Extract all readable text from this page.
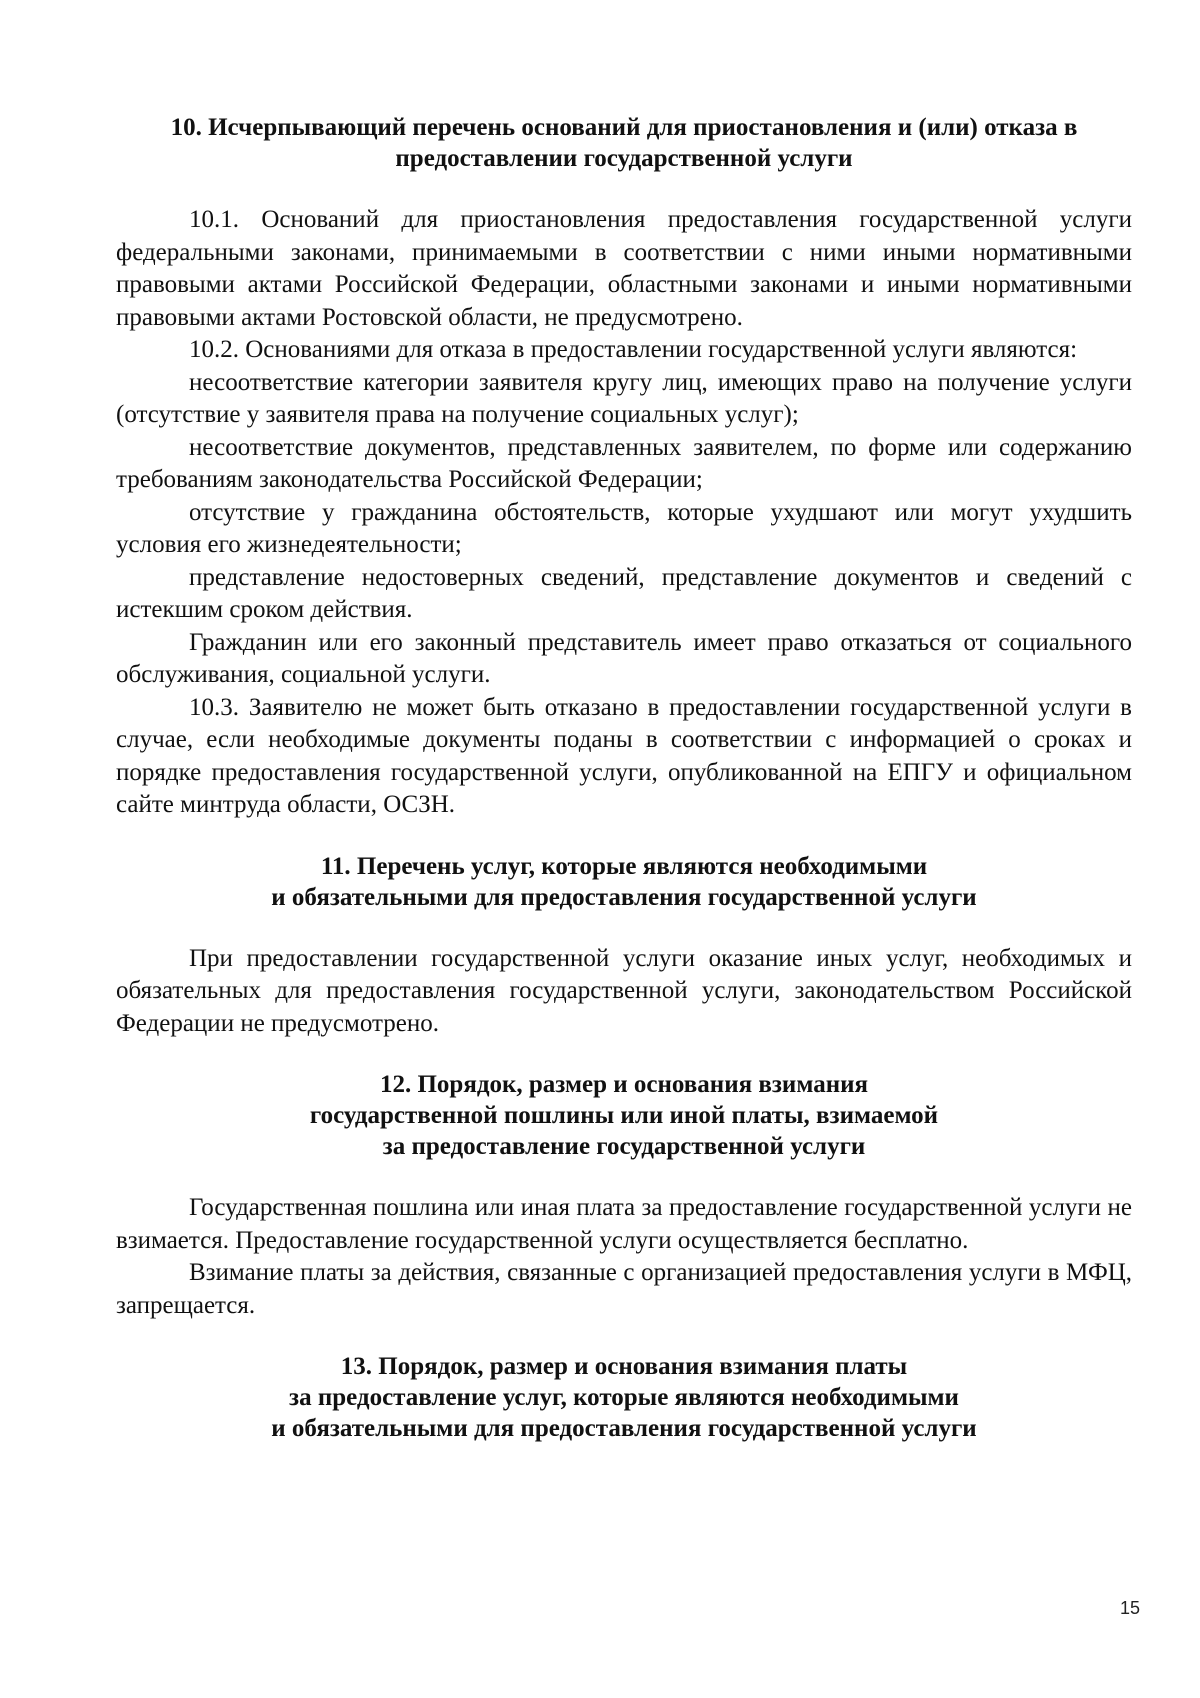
10. Исчерпывающий перечень оснований для приостановления и (или) отказа в
предоставлении государственной услуги

10.1. Оснований для приостановления предоставления государственной услуги федеральными законами, принимаемыми в соответствии с ними иными нормативными правовыми актами Российской Федерации, областными законами и иными нормативными правовыми актами Ростовской области, не предусмотрено.

10.2. Основаниями для отказа в предоставлении государственной услуги являются:

несоответствие категории заявителя кругу лиц, имеющих право на получение услуги (отсутствие у заявителя права на получение социальных услуг);

несоответствие документов, представленных заявителем, по форме или содержанию требованиям законодательства Российской Федерации;

отсутствие у гражданина обстоятельств, которые ухудшают или могут ухудшить условия его жизнедеятельности;

представление недостоверных сведений, представление документов и сведений с истекшим сроком действия.

Гражданин или его законный представитель имеет право отказаться от социального обслуживания, социальной услуги.

10.3. Заявителю не может быть отказано в предоставлении государственной услуги в случае, если необходимые документы поданы в соответствии с информацией о сроках и порядке предоставления государственной услуги, опубликованной на ЕПГУ и официальном сайте минтруда области, ОСЗН.

11. Перечень услуг, которые являются необходимыми
и обязательными для предоставления государственной услуги

При предоставлении государственной услуги оказание иных услуг, необходимых и обязательных для предоставления государственной услуги, законодательством Российской Федерации не предусмотрено.

12. Порядок, размер и основания взимания
государственной пошлины или иной платы, взимаемой
за предоставление государственной услуги

Государственная пошлина или иная плата за предоставление государственной услуги не взимается. Предоставление государственной услуги осуществляется бесплатно.

Взимание платы за действия, связанные с организацией предоставления услуги в МФЦ, запрещается.

13. Порядок, размер и основания взимания платы
за предоставление услуг, которые являются необходимыми
и обязательными для предоставления государственной услуги
15
